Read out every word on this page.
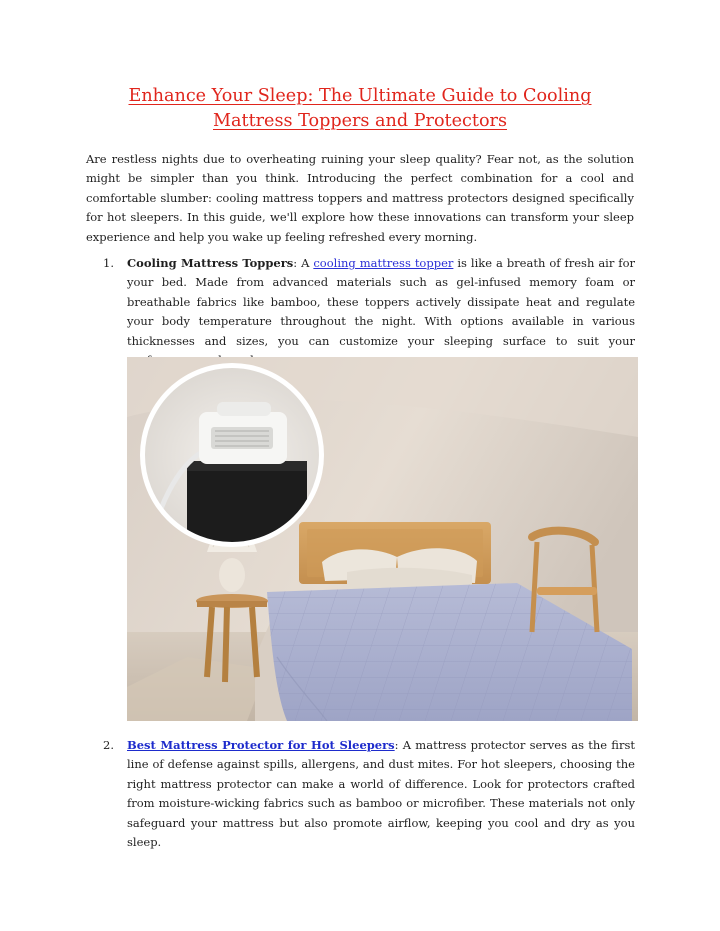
Enhance Your Sleep: The Ultimate Guide to Cooling Mattress Toppers and Protectors

Are restless nights due to overheating ruining your sleep quality? Fear not, as the solution might be simpler than you think. Introducing the perfect combination for a cool and comfortable slumber: cooling mattress toppers and mattress protectors designed specifically for hot sleepers. In this guide, we'll explore how these innovations can transform your sleep experience and help you wake up feeling refreshed every morning.

1. Cooling Mattress Toppers: A cooling mattress topper is like a breath of fresh air for your bed. Made from advanced materials such as gel-infused memory foam or breathable fabrics like bamboo, these toppers actively dissipate heat and regulate your body temperature throughout the night. With options available in various thicknesses and sizes, you can customize your sleeping surface to suit your

2. Best Mattress Protector for Hot Sleepers: A mattress protector serves as the first line of defense against spills, allergens, and dust mites. For hot sleepers, choosing the right mattress protector can make a world of difference. Look for protectors crafted from moisture-wicking fabrics such as bamboo or microfiber. These materials not only safeguard your mattress but also promote airflow, keeping you cool and dry as you sleep.
